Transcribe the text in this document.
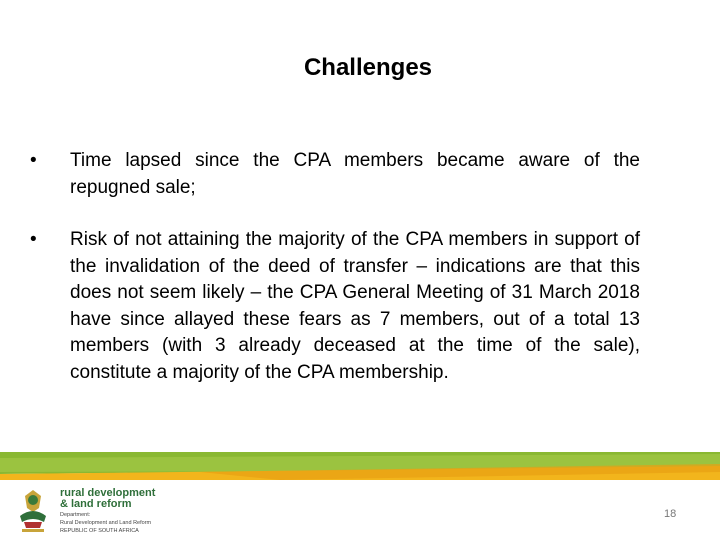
Challenges
• Time lapsed since the CPA members became aware of the repugned sale;
• Risk of not attaining the majority of the CPA members in support of the invalidation of the deed of transfer – indications are that this does not seem likely – the CPA General Meeting of 31 March 2018 have since allayed these fears as 7 members, out of a total 13 members (with 3 already deceased at the time of the sale), constitute a majority of the CPA membership.
rural development
& land reform
Department:
Rural Development and Land Reform
REPUBLIC OF SOUTH AFRICA
18
